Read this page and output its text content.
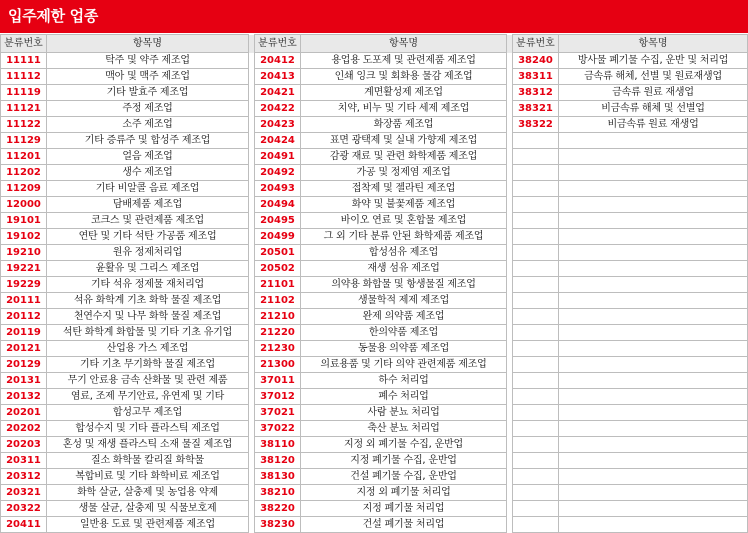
입주제한 업종
분류번호	항목명		분류번호	항목명		분류번호	항목명
11111	탁주 및 약주 제조업		20412	용업용 도포제 및 관련제품 제조업		38240	방사물 폐기물 수집, 운반 및 처리업
11112	맥아 및 맥주 제조업		20413	인쇄 잉크 및 회화용 물감 제조업		38311	금속류 해체, 선별 및 원료재생업
11119	기타 발효주 제조업		20421	계면활성제 제조업		38312	금속류 원료 재생업
11121	주정 제조업		20422	치약, 비누 및 기타 세제 제조업		38321	비금속류 해체 및 선별업
11122	소주 제조업		20423	화장품 제조업		38322	비금속류 원료 재생업
11129	기타 증류주 및 합성주 제조업		20424	표면 광택제 및 실내 가향제 제조업			
11201	얼음 제조업		20491	감광 재료 및 관련 화학제품 제조업			
11202	생수 제조업		20492	가공 및 정제염 제조업			
11209	기타 비알콜 음료 제조업		20493	접착제 및 젤라틴 제조업			
12000	담배제품 제조업		20494	화약 및 불꽃제품 제조업			
19101	코크스 및 관련제품 제조업		20495	바이오 연료 및 혼합물 제조업			
19102	연탄 및 기타 석탄 가공품 제조업		20499	그 외 기타 분류 안된 화학제품 제조업			
19210	원유 정제처리업		20501	합성섬유 제조업			
19221	윤활유 및 그리스 제조업		20502	재생 섬유 제조업			
19229	기타 석유 정제물 재처리업		21101	의약용 화합물 및 항생물질 제조업			
20111	석유 화학계 기초 화학 물질 제조업		21102	생물학적 제제 제조업			
20112	천연수지 및 나무 화학 물질 제조업		21210	완제 의약품 제조업			
20119	석탄 화학계 화합물 및 기타 기초 유기업		21220	한의약품 제조업			
20121	산업용 가스 제조업		21230	동물용 의약품 제조업			
20129	기타 기초 무기화학 물질 제조업		21300	의료용품 및 기타 의약 관련제품 제조업			
20131	무기 안료용 금속 산화물 및 관련 제품		37011	하수 처리업			
20132	염료, 조제 무기안료, 유연제 및 기타		37012	폐수 처리업			
20201	합성고무 제조업		37021	사람 분뇨 처리업			
20202	합성수지 및 기타 플라스틱 제조업		37022	축산 분뇨 처리업			
20203	혼성 및 재생 플라스틱 소재 물질 제조업		38110	지정 외 폐기물 수집, 운반업			
20311	질소 화학물 칼리질 화학물		38120	지정 폐기물 수집, 운반업			
20312	복합비료 및 기타 화학비료 제조업		38130	건설 폐기물 수집, 운반업			
20321	화학 살균, 살충제 및 농업용 약제		38210	지정 외 폐기물 처리업			
20322	생물 살균, 살충제 및 식물보호제		38220	지정 폐기물 처리업			
20411	일반용 도료 및 관련제품 제조업		38230	건설 폐기물 처리업			
